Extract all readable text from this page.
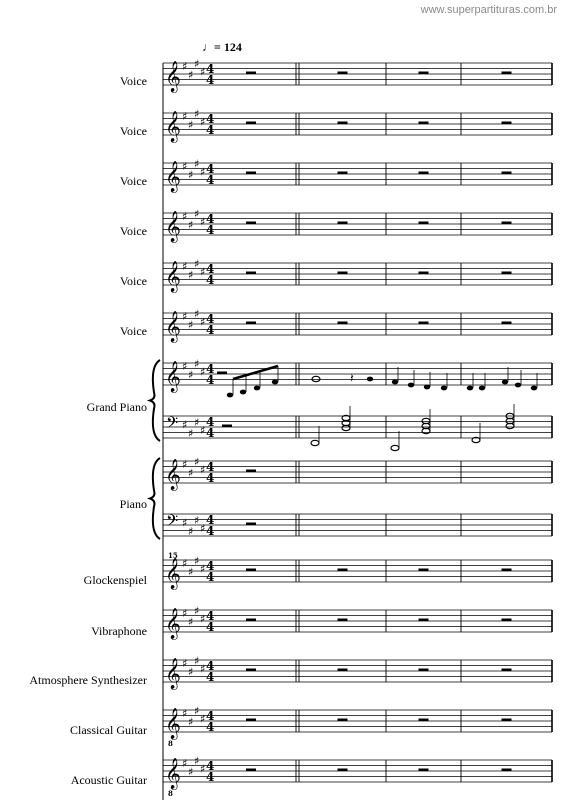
www.superpartituras.com.br
♩= 124
Voice
Voice
Voice
Voice
Voice
Voice
Grand Piano
Piano
Glockenspiel
Vibraphone
Atmosphere Synthesizer
Classical Guitar
Acoustic Guitar
𝄞 ♯
♯
♯
♯ 4
4
𝄞 ♯
♯
♯
♯ 4
4
𝄞 ♯
♯
♯
♯ 4
4
𝄞 ♯
♯
♯
♯ 4
4
𝄞 ♯
♯
♯
♯ 4
4
𝄞 ♯
♯
♯
♯ 4
4
𝄞 ♯
♯
♯
♯ 4
4
𝄢 ♯
♯
♯
♯
4
4
𝄽
𝄞 ♯
♯
♯
♯ 4
4
𝄢 ♯
♯
♯
♯
4
4
𝄞 ♯
♯
♯
♯ 4
4
𝄞 ♯
♯
♯
♯ 4
4
𝄞 ♯
♯
♯
♯ 4
4
𝄞 ♯
♯
♯
♯ 4
4
𝄞 ♯
♯
♯
♯ 4
4
15
8
8
